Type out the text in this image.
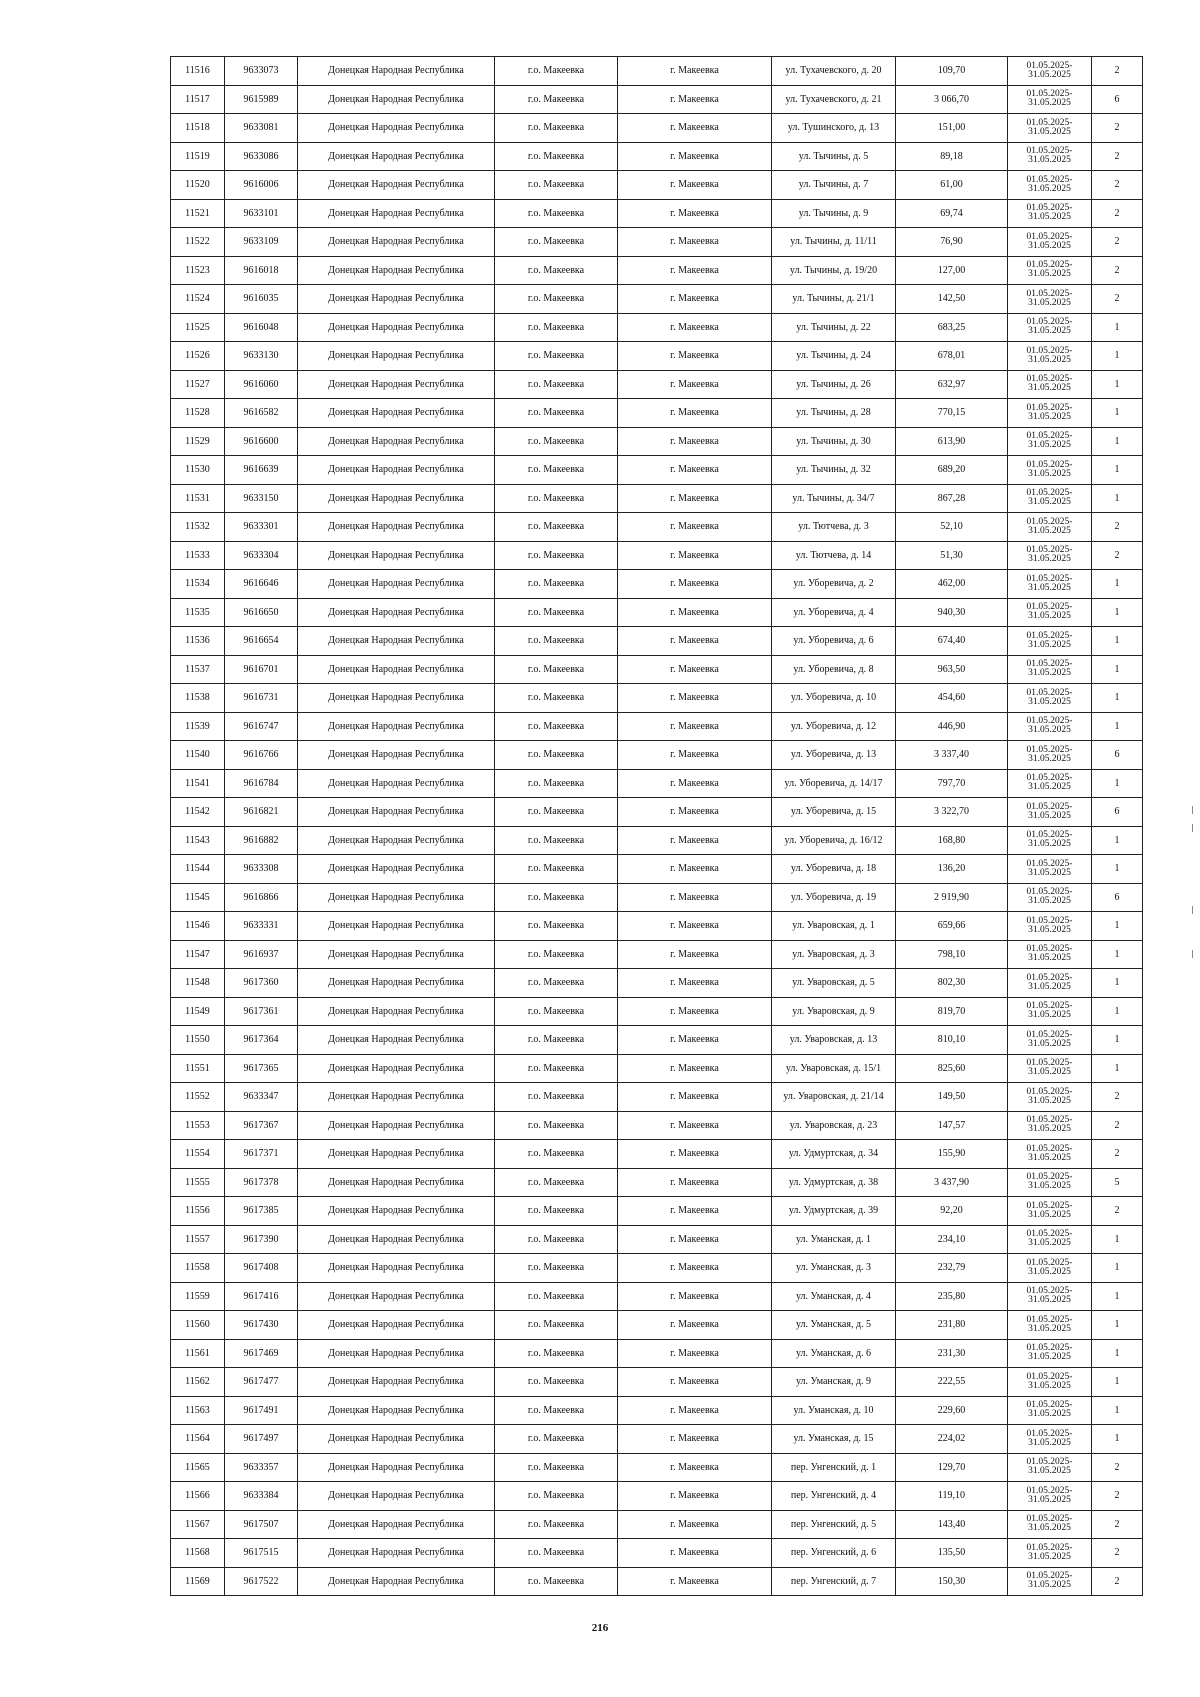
11516	9633073	Донецкая Народная Республика	г.о. Макеевка	г. Макеевка	ул. Тухачевского, д. 20	109,70	01.05.2025-
31.05.2025	2
11517	9615989	Донецкая Народная Республика	г.о. Макеевка	г. Макеевка	ул. Тухачевского, д. 21	3 066,70	01.05.2025-
31.05.2025	6
11518	9633081	Донецкая Народная Республика	г.о. Макеевка	г. Макеевка	ул. Тушинского, д. 13	151,00	01.05.2025-
31.05.2025	2
11519	9633086	Донецкая Народная Республика	г.о. Макеевка	г. Макеевка	ул. Тычины, д. 5	89,18	01.05.2025-
31.05.2025	2
11520	9616006	Донецкая Народная Республика	г.о. Макеевка	г. Макеевка	ул. Тычины, д. 7	61,00	01.05.2025-
31.05.2025	2
11521	9633101	Донецкая Народная Республика	г.о. Макеевка	г. Макеевка	ул. Тычины, д. 9	69,74	01.05.2025-
31.05.2025	2
11522	9633109	Донецкая Народная Республика	г.о. Макеевка	г. Макеевка	ул. Тычины, д. 11/11	76,90	01.05.2025-
31.05.2025	2
11523	9616018	Донецкая Народная Республика	г.о. Макеевка	г. Макеевка	ул. Тычины, д. 19/20	127,00	01.05.2025-
31.05.2025	2
11524	9616035	Донецкая Народная Республика	г.о. Макеевка	г. Макеевка	ул. Тычины, д. 21/1	142,50	01.05.2025-
31.05.2025	2
11525	9616048	Донецкая Народная Республика	г.о. Макеевка	г. Макеевка	ул. Тычины, д. 22	683,25	01.05.2025-
31.05.2025	1
11526	9633130	Донецкая Народная Республика	г.о. Макеевка	г. Макеевка	ул. Тычины, д. 24	678,01	01.05.2025-
31.05.2025	1
11527	9616060	Донецкая Народная Республика	г.о. Макеевка	г. Макеевка	ул. Тычины, д. 26	632,97	01.05.2025-
31.05.2025	1
11528	9616582	Донецкая Народная Республика	г.о. Макеевка	г. Макеевка	ул. Тычины, д. 28	770,15	01.05.2025-
31.05.2025	1
11529	9616600	Донецкая Народная Республика	г.о. Макеевка	г. Макеевка	ул. Тычины, д. 30	613,90	01.05.2025-
31.05.2025	1
11530	9616639	Донецкая Народная Республика	г.о. Макеевка	г. Макеевка	ул. Тычины, д. 32	689,20	01.05.2025-
31.05.2025	1
11531	9633150	Донецкая Народная Республика	г.о. Макеевка	г. Макеевка	ул. Тычины, д. 34/7	867,28	01.05.2025-
31.05.2025	1
11532	9633301	Донецкая Народная Республика	г.о. Макеевка	г. Макеевка	ул. Тютчева, д. 3	52,10	01.05.2025-
31.05.2025	2
11533	9633304	Донецкая Народная Республика	г.о. Макеевка	г. Макеевка	ул. Тютчева, д. 14	51,30	01.05.2025-
31.05.2025	2
11534	9616646	Донецкая Народная Республика	г.о. Макеевка	г. Макеевка	ул. Уборевича, д. 2	462,00	01.05.2025-
31.05.2025	1
11535	9616650	Донецкая Народная Республика	г.о. Макеевка	г. Макеевка	ул. Уборевича, д. 4	940,30	01.05.2025-
31.05.2025	1
11536	9616654	Донецкая Народная Республика	г.о. Макеевка	г. Макеевка	ул. Уборевича, д. 6	674,40	01.05.2025-
31.05.2025	1
11537	9616701	Донецкая Народная Республика	г.о. Макеевка	г. Макеевка	ул. Уборевича, д. 8	963,50	01.05.2025-
31.05.2025	1
11538	9616731	Донецкая Народная Республика	г.о. Макеевка	г. Макеевка	ул. Уборевича, д. 10	454,60	01.05.2025-
31.05.2025	1
11539	9616747	Донецкая Народная Республика	г.о. Макеевка	г. Макеевка	ул. Уборевича, д. 12	446,90	01.05.2025-
31.05.2025	1
11540	9616766	Донецкая Народная Республика	г.о. Макеевка	г. Макеевка	ул. Уборевича, д. 13	3 337,40	01.05.2025-
31.05.2025	6
11541	9616784	Донецкая Народная Республика	г.о. Макеевка	г. Макеевка	ул. Уборевича, д. 14/17	797,70	01.05.2025-
31.05.2025	1
11542	9616821	Донецкая Народная Республика	г.о. Макеевка	г. Макеевка	ул. Уборевича, д. 15	3 322,70	01.05.2025-
31.05.2025	6
11543	9616882	Донецкая Народная Республика	г.о. Макеевка	г. Макеевка	ул. Уборевича, д. 16/12	168,80	01.05.2025-
31.05.2025	1
11544	9633308	Донецкая Народная Республика	г.о. Макеевка	г. Макеевка	ул. Уборевича, д. 18	136,20	01.05.2025-
31.05.2025	1
11545	9616866	Донецкая Народная Республика	г.о. Макеевка	г. Макеевка	ул. Уборевича, д. 19	2 919,90	01.05.2025-
31.05.2025	6
11546	9633331	Донецкая Народная Республика	г.о. Макеевка	г. Макеевка	ул. Уваровская, д. 1	659,66	01.05.2025-
31.05.2025	1
11547	9616937	Донецкая Народная Республика	г.о. Макеевка	г. Макеевка	ул. Уваровская, д. 3	798,10	01.05.2025-
31.05.2025	1
11548	9617360	Донецкая Народная Республика	г.о. Макеевка	г. Макеевка	ул. Уваровская, д. 5	802,30	01.05.2025-
31.05.2025	1
11549	9617361	Донецкая Народная Республика	г.о. Макеевка	г. Макеевка	ул. Уваровская, д. 9	819,70	01.05.2025-
31.05.2025	1
11550	9617364	Донецкая Народная Республика	г.о. Макеевка	г. Макеевка	ул. Уваровская, д. 13	810,10	01.05.2025-
31.05.2025	1
11551	9617365	Донецкая Народная Республика	г.о. Макеевка	г. Макеевка	ул. Уваровская, д. 15/1	825,60	01.05.2025-
31.05.2025	1
11552	9633347	Донецкая Народная Республика	г.о. Макеевка	г. Макеевка	ул. Уваровская, д. 21/14	149,50	01.05.2025-
31.05.2025	2
11553	9617367	Донецкая Народная Республика	г.о. Макеевка	г. Макеевка	ул. Уваровская, д. 23	147,57	01.05.2025-
31.05.2025	2
11554	9617371	Донецкая Народная Республика	г.о. Макеевка	г. Макеевка	ул. Удмуртская, д. 34	155,90	01.05.2025-
31.05.2025	2
11555	9617378	Донецкая Народная Республика	г.о. Макеевка	г. Макеевка	ул. Удмуртская, д. 38	3 437,90	01.05.2025-
31.05.2025	5
11556	9617385	Донецкая Народная Республика	г.о. Макеевка	г. Макеевка	ул. Удмуртская, д. 39	92,20	01.05.2025-
31.05.2025	2
11557	9617390	Донецкая Народная Республика	г.о. Макеевка	г. Макеевка	ул. Уманская, д. 1	234,10	01.05.2025-
31.05.2025	1
11558	9617408	Донецкая Народная Республика	г.о. Макеевка	г. Макеевка	ул. Уманская, д. 3	232,79	01.05.2025-
31.05.2025	1
11559	9617416	Донецкая Народная Республика	г.о. Макеевка	г. Макеевка	ул. Уманская, д. 4	235,80	01.05.2025-
31.05.2025	1
11560	9617430	Донецкая Народная Республика	г.о. Макеевка	г. Макеевка	ул. Уманская, д. 5	231,80	01.05.2025-
31.05.2025	1
11561	9617469	Донецкая Народная Республика	г.о. Макеевка	г. Макеевка	ул. Уманская, д. 6	231,30	01.05.2025-
31.05.2025	1
11562	9617477	Донецкая Народная Республика	г.о. Макеевка	г. Макеевка	ул. Уманская, д. 9	222,55	01.05.2025-
31.05.2025	1
11563	9617491	Донецкая Народная Республика	г.о. Макеевка	г. Макеевка	ул. Уманская, д. 10	229,60	01.05.2025-
31.05.2025	1
11564	9617497	Донецкая Народная Республика	г.о. Макеевка	г. Макеевка	ул. Уманская, д. 15	224,02	01.05.2025-
31.05.2025	1
11565	9633357	Донецкая Народная Республика	г.о. Макеевка	г. Макеевка	пер. Унгенский, д. 1	129,70	01.05.2025-
31.05.2025	2
11566	9633384	Донецкая Народная Республика	г.о. Макеевка	г. Макеевка	пер. Унгенский, д. 4	119,10	01.05.2025-
31.05.2025	2
11567	9617507	Донецкая Народная Республика	г.о. Макеевка	г. Макеевка	пер. Унгенский, д. 5	143,40	01.05.2025-
31.05.2025	2
11568	9617515	Донецкая Народная Республика	г.о. Макеевка	г. Макеевка	пер. Унгенский, д. 6	135,50	01.05.2025-
31.05.2025	2
11569	9617522	Донецкая Народная Республика	г.о. Макеевка	г. Макеевка	пер. Унгенский, д. 7	150,30	01.05.2025-
31.05.2025	2
216
